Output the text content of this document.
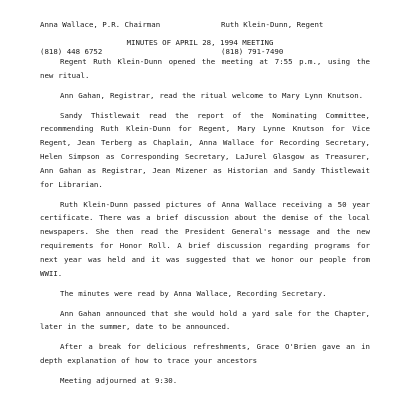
Anna Wallace, P.R. Chairman

(818) 448 6752

Ruth Klein-Dunn, Regent

(818) 791-7490

MINUTES OF APRIL 28, 1994 MEETING

Regent Ruth Klein-Dunn opened the meeting at 7:55 p.m., using the new ritual.

Ann Gahan, Registrar, read the ritual welcome to Mary Lynn Knutson.

Sandy Thistlewait read the report of the Nominating Committee, recommending Ruth Klein-Dunn for Regent, Mary Lynne Knutson for Vice Regent, Jean Terberg as Chaplain, Anna Wallace for Recording Secretary, Helen Simpson as Corresponding Secretary, LaJurel Glasgow as Treasurer, Ann Gahan as Registrar, Jean Mizener as Historian and Sandy Thistlewait for Librarian.

Ruth Klein-Dunn passed pictures of Anna Wallace receiving a 50 year certificate. There was a brief discussion about the demise of the local newspapers. She then read the President General's message and the new requirements for Honor Roll. A brief discussion regarding programs for next year was held and it was suggested that we honor our people from WWII.

The minutes were read by Anna Wallace, Recording Secretary.

Ann Gahan announced that she would hold a yard sale for the Chapter, later in the summer, date to be announced.

After a break for delicious refreshments, Grace O'Brien gave an in depth explanation of how to trace your ancestors

Meeting adjourned at 9:30.
